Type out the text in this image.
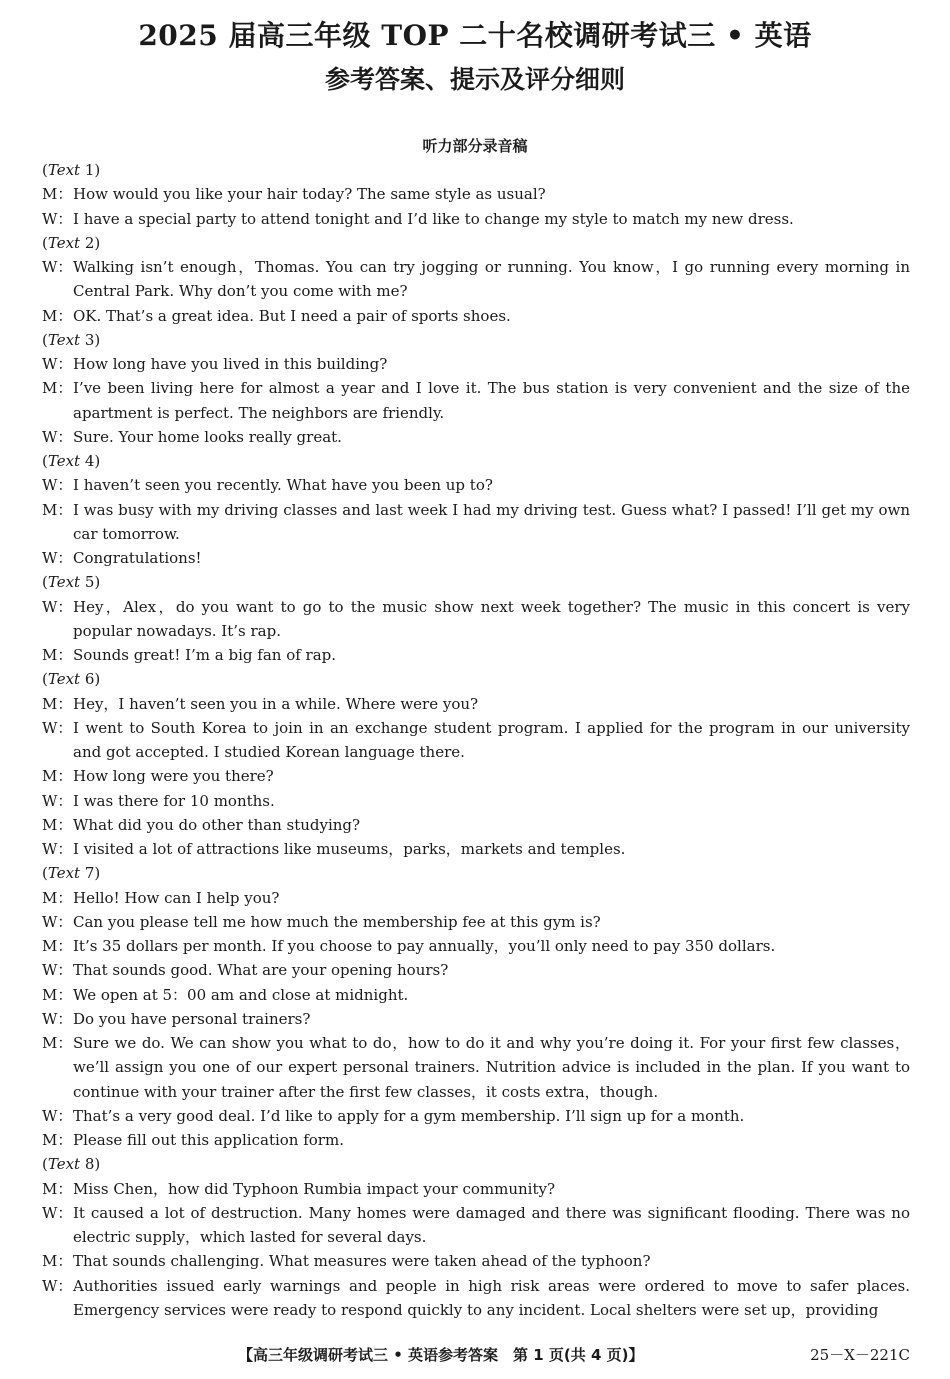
2025 届高三年级 TOP 二十名校调研考试三 • 英语
参考答案、提示及评分细则
听力部分录音稿
(Text 1)
M： How would you like your hair today? The same style as usual?
W： I have a special party to attend tonight and I’d like to change my style to match my new dress.
(Text 2)
W： Walking isn’t enough，Thomas. You can try jogging or running. You know，I go running every morning in Central Park. Why don’t you come with me?
M： OK. That’s a great idea. But I need a pair of sports shoes.
(Text 3)
W： How long have you lived in this building?
M： I’ve been living here for almost a year and I love it. The bus station is very convenient and the size of the apartment is perfect. The neighbors are friendly.
W： Sure. Your home looks really great.
(Text 4)
W： I haven’t seen you recently. What have you been up to?
M： I was busy with my driving classes and last week I had my driving test. Guess what? I passed! I’ll get my own car tomorrow.
W： Congratulations!
(Text 5)
W： Hey，Alex，do you want to go to the music show next week together? The music in this concert is very popular nowadays. It’s rap.
M： Sounds great! I’m a big fan of rap.
(Text 6)
M： Hey，I haven’t seen you in a while. Where were you?
W： I went to South Korea to join in an exchange student program. I applied for the program in our university and got accepted. I studied Korean language there.
M： How long were you there?
W： I was there for 10 months.
M： What did you do other than studying?
W： I visited a lot of attractions like museums，parks，markets and temples.
(Text 7)
M： Hello! How can I help you?
W： Can you please tell me how much the membership fee at this gym is?
M： It’s 35 dollars per month. If you choose to pay annually，you’ll only need to pay 350 dollars.
W： That sounds good. What are your opening hours?
M： We open at 5：00 am and close at midnight.
W： Do you have personal trainers?
M： Sure we do. We can show you what to do，how to do it and why you’re doing it. For your first few classes，we’ll assign you one of our expert personal trainers. Nutrition advice is included in the plan. If you want to continue with your trainer after the first few classes，it costs extra，though.
W： That’s a very good deal. I’d like to apply for a gym membership. I’ll sign up for a month.
M： Please fill out this application form.
(Text 8)
M： Miss Chen，how did Typhoon Rumbia impact your community?
W： It caused a lot of destruction. Many homes were damaged and there was significant flooding. There was no electric supply，which lasted for several days.
M： That sounds challenging. What measures were taken ahead of the typhoon?
W： Authorities issued early warnings and people in high risk areas were ordered to move to safer places. Emergency services were ready to respond quickly to any incident. Local shelters were set up，providing
【高三年级调研考试三 • 英语参考答案　第 1 页(共 4 页)】	25－X－221C
